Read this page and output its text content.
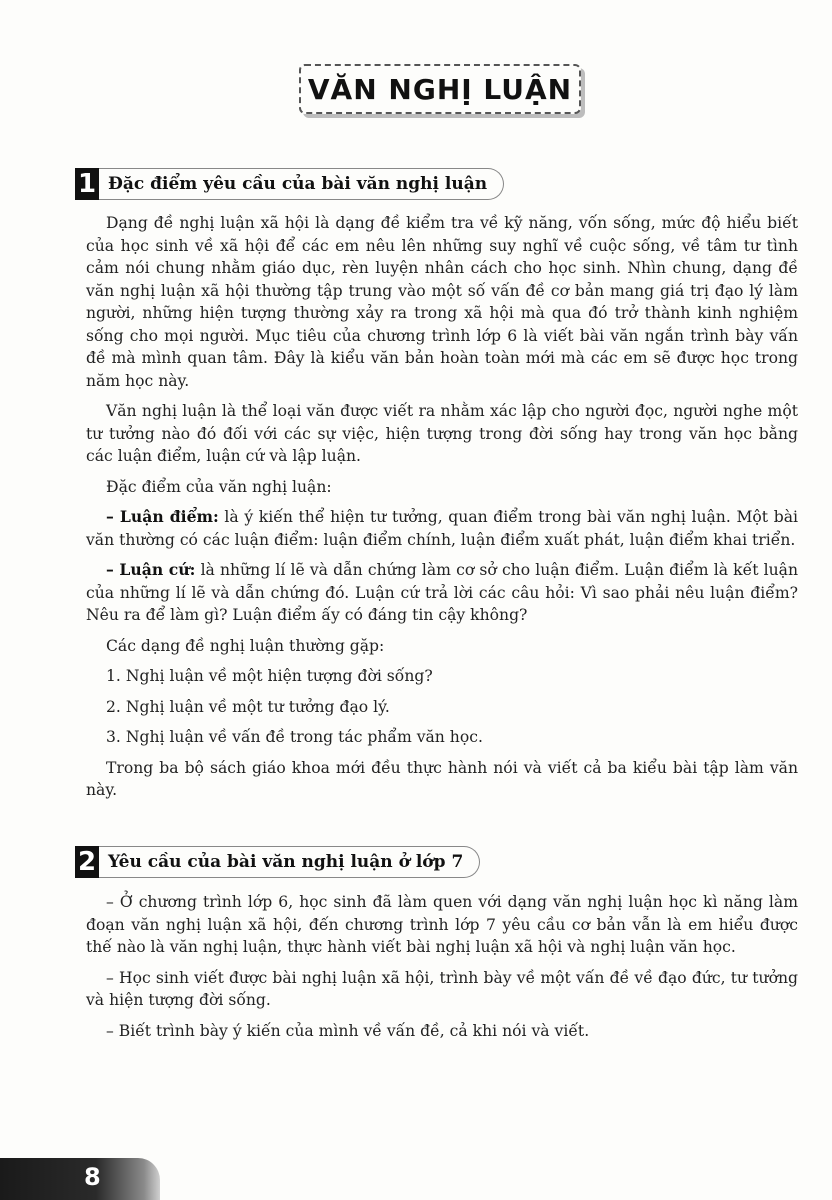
VĂN NGHỊ LUẬN
1 Đặc điểm yêu cầu của bài văn nghị luận

Dạng đề nghị luận xã hội là dạng đề kiểm tra về kỹ năng, vốn sống, mức độ hiểu biết của học sinh về xã hội để các em nêu lên những suy nghĩ về cuộc sống, về tâm tư tình cảm nói chung nhằm giáo dục, rèn luyện nhân cách cho học sinh. Nhìn chung, dạng đề văn nghị luận xã hội thường tập trung vào một số vấn đề cơ bản mang giá trị đạo lý làm người, những hiện tượng thường xảy ra trong xã hội mà qua đó trở thành kinh nghiệm sống cho mọi người. Mục tiêu của chương trình lớp 6 là viết bài văn ngắn trình bày vấn đề mà mình quan tâm. Đây là kiểu văn bản hoàn toàn mới mà các em sẽ được học trong năm học này.

Văn nghị luận là thể loại văn được viết ra nhằm xác lập cho người đọc, người nghe một tư tưởng nào đó đối với các sự việc, hiện tượng trong đời sống hay trong văn học bằng các luận điểm, luận cứ và lập luận.

Đặc điểm của văn nghị luận:

– Luận điểm: là ý kiến thể hiện tư tưởng, quan điểm trong bài văn nghị luận. Một bài văn thường có các luận điểm: luận điểm chính, luận điểm xuất phát, luận điểm khai triển.

– Luận cứ: là những lí lẽ và dẫn chứng làm cơ sở cho luận điểm. Luận điểm là kết luận của những lí lẽ và dẫn chứng đó. Luận cứ trả lời các câu hỏi: Vì sao phải nêu luận điểm? Nêu ra để làm gì? Luận điểm ấy có đáng tin cậy không?

Các dạng đề nghị luận thường gặp:

1. Nghị luận về một hiện tượng đời sống?

2. Nghị luận về một tư tưởng đạo lý.

3. Nghị luận về vấn đề trong tác phẩm văn học.

Trong ba bộ sách giáo khoa mới đều thực hành nói và viết cả ba kiểu bài tập làm văn này.

2 Yêu cầu của bài văn nghị luận ở lớp 7

– Ở chương trình lớp 6, học sinh đã làm quen với dạng văn nghị luận học kì năng làm đoạn văn nghị luận xã hội, đến chương trình lớp 7 yêu cầu cơ bản vẫn là em hiểu được thế nào là văn nghị luận, thực hành viết bài nghị luận xã hội và nghị luận văn học.

– Học sinh viết được bài nghị luận xã hội, trình bày về một vấn đề về đạo đức, tư tưởng và hiện tượng đời sống.

– Biết trình bày ý kiến của mình về vấn đề, cả khi nói và viết.

8
